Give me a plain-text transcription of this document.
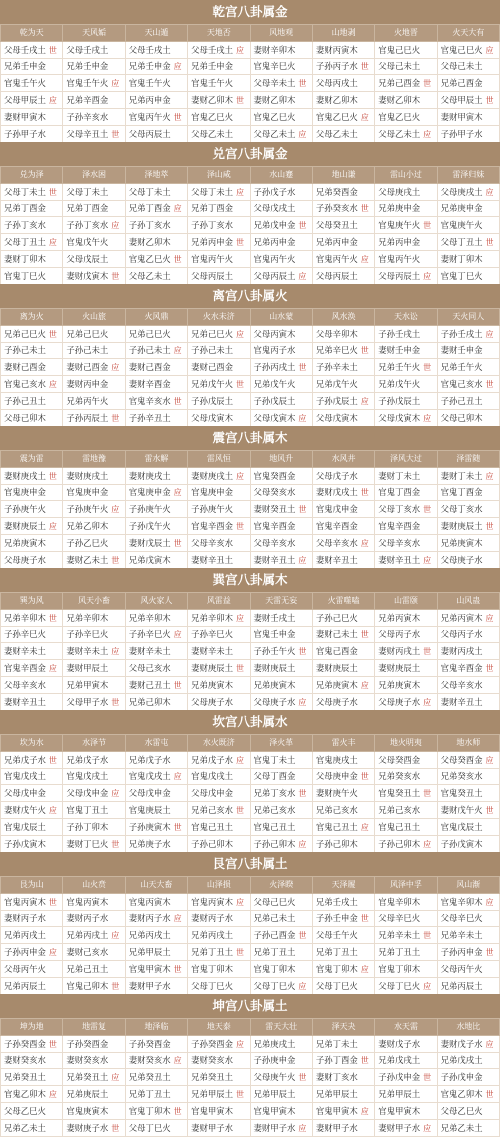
乾宫八卦属金
乾为天	天风姤	天山遁	天地否	风地观	山地剥	火地晋	火天大有
父母壬戌土 世	父母壬戌土	父母壬戌土	父母壬戌土 应	妻财辛卯木	妻财丙寅木	官鬼己巳火	官鬼己巳火 应
兄弟壬申金	兄弟壬申金	兄弟壬申金 应	兄弟壬申金	官鬼辛巳火	子孙丙子水 世	父母己未土	父母己未土
官鬼壬午火	官鬼壬午火 应	官鬼壬午火	官鬼壬午火	父母辛未土 世	父母丙戌土	兄弟己酉金 世	兄弟己酉金
父母甲辰土 应	兄弟辛酉金	兄弟丙申金	妻财乙卯木 世	妻财乙卯木	妻财乙卯木	妻财乙卯木	父母甲辰土 世
妻财甲寅木	子孙辛亥水	官鬼丙午火 世	官鬼乙巳火	官鬼乙巳火	官鬼乙巳火 应	官鬼乙巳火	妻财甲寅木
子孙甲子水	父母辛丑土 世	父母丙辰土	父母乙未土	父母乙未土 应	父母乙未土	父母乙未土 应	子孙甲子水
兑宫八卦属金
兑为泽	泽水困	泽地萃	泽山咸	水山蹇	地山谦	雷山小过	雷泽归妹
父母丁未土 世	父母丁未土	父母丁未土	父母丁未土 应	子孙戊子水	兄弟癸酉金	父母庚戌土	父母庚戌土 应
兄弟丁酉金	兄弟丁酉金	兄弟丁酉金 应	兄弟丁酉金	父母戊戌土	子孙癸亥水 世	兄弟庚申金	兄弟庚申金
子孙丁亥水	子孙丁亥水 应	子孙丁亥水	子孙丁亥水	兄弟戊申金 世	父母癸丑土	官鬼庚午火 世	官鬼庚午火
父母丁丑土 应	官鬼戊午火	妻财乙卯木	兄弟丙申金 世	兄弟丙申金	兄弟丙申金	兄弟丙申金	父母丁丑土 世
妻财丁卯木	父母戊辰土	官鬼乙巳火 世	官鬼丙午火	官鬼丙午火	官鬼丙午火 应	官鬼丙午火	妻财丁卯木
官鬼丁巳火	妻财戊寅木 世	父母乙未土	父母丙辰土	父母丙辰土 应	父母丙辰土	父母丙辰土 应	官鬼丁巳火
离宫八卦属火
离为火	火山旅	火风鼎	火水未济	山水蒙	风水涣	天水讼	天火同人
兄弟己巳火 世	兄弟己巳火	兄弟己巳火	兄弟己巳火 应	父母丙寅木	父母辛卯木	子孙壬戌土	子孙壬戌土 应
子孙己未土	子孙己未土	子孙己未土 应	子孙己未土	官鬼丙子水	兄弟辛巳火 世	妻财壬申金	妻财壬申金
妻财己酉金	妻财己酉金 应	妻财己酉金	妻财己酉金	子孙丙戌土 世	子孙辛未土	兄弟壬午火 世	兄弟壬午火
官鬼己亥水 应	妻财丙申金	妻财辛酉金	兄弟戊午火 世	兄弟戊午火	兄弟戊午火	兄弟戊午火	官鬼己亥水 世
子孙己丑土	兄弟丙午火	官鬼辛亥水 世	子孙戊辰土	子孙戊辰土	子孙戊辰土 应	子孙戊辰土	子孙己丑土
父母己卯木	子孙丙辰土 世	子孙辛丑土	父母戊寅木	父母戊寅木 应	父母戊寅木	父母戊寅木 应	父母己卯木
震宫八卦属木
震为雷	雷地豫	雷水解	雷风恒	地风升	水风井	泽风大过	泽雷随
妻财庚戌土 世	妻财庚戌土	妻财庚戌土	妻财庚戌土 应	官鬼癸酉金	父母戊子水	妻财丁未土	妻财丁未土 应
官鬼庚申金	官鬼庚申金	官鬼庚申金 应	官鬼庚申金	父母癸亥水	妻财戊戌土 世	官鬼丁酉金	官鬼丁酉金
子孙庚午火	子孙庚午火 应	子孙庚午火	子孙庚午火	妻财癸丑土 世	官鬼戊申金	父母丁亥水 世	父母丁亥水
妻财庚辰土 应	兄弟乙卯木	子孙戊午火	官鬼辛酉金 世	官鬼辛酉金	官鬼辛酉金	官鬼辛酉金	妻财庚辰土 世
兄弟庚寅木	子孙乙巳火	妻财戊辰土 世	父母辛亥水	父母辛亥水	父母辛亥水 应	父母辛亥水	兄弟庚寅木
父母庚子水	妻财乙未土 世	兄弟戊寅木	妻财辛丑土	妻财辛丑土 应	妻财辛丑土	妻财辛丑土 应	父母庚子水
巽宫八卦属木
巽为风	风天小畜	风火家人	风雷益	天雷无妄	火雷噬嗑	山雷颐	山风蛊
兄弟辛卯木 世	兄弟辛卯木	兄弟辛卯木	兄弟辛卯木 应	妻财壬戌土	子孙己巳火	兄弟丙寅木	兄弟丙寅木 应
子孙辛巳火	子孙辛巳火	子孙辛巳火 应	子孙辛巳火	官鬼壬申金	妻财己未土 世	父母丙子水	父母丙子水
妻财辛未土	妻财辛未土 应	妻财辛未土	妻财辛未土	子孙壬午火 世	官鬼己酉金	妻财丙戌土 世	妻财丙戌土
官鬼辛酉金 应	妻财甲辰土	父母己亥水	妻财庚辰土 世	妻财庚辰土	妻财庚辰土	妻财庚辰土	官鬼辛酉金 世
父母辛亥水	兄弟甲寅木	妻财己丑土 世	兄弟庚寅木	兄弟庚寅木	兄弟庚寅木 应	兄弟庚寅木	父母辛亥水
妻财辛丑土	父母甲子水 世	兄弟己卯木	父母庚子水	父母庚子水 应	父母庚子水	父母庚子水 应	妻财辛丑土
坎宫八卦属水
坎为水	水泽节	水雷屯	水火既济	泽火革	雷火丰	地火明夷	地水师
兄弟戊子水 世	兄弟戊子水	兄弟戊子水	兄弟戊子水 应	官鬼丁未土	官鬼庚戌土	父母癸酉金	父母癸酉金 应
官鬼戊戌土	官鬼戊戌土	官鬼戊戌土 应	官鬼戊戌土	父母丁酉金	父母庚申金 世	兄弟癸亥水	兄弟癸亥水
父母戊申金	父母戊申金 应	父母戊申金	父母戊申金	兄弟丁亥水 世	妻财庚午火	官鬼癸丑土 世	官鬼癸丑土
妻财戊午火 应	官鬼丁丑土	官鬼庚辰土	兄弟己亥水 世	兄弟己亥水	兄弟己亥水	兄弟己亥水	妻财戊午火 世
官鬼戊辰土	子孙丁卯木	子孙庚寅木 世	官鬼己丑土	官鬼己丑土	官鬼己丑土 应	官鬼己丑土	官鬼戊辰土
子孙戊寅木	妻财丁巳火 世	兄弟庚子水	子孙己卯木	子孙己卯木 应	子孙己卯木	子孙己卯木 应	子孙戊寅木
艮宫八卦属土
艮为山	山火贲	山天大畜	山泽损	火泽睽	天泽履	风泽中孚	风山渐
官鬼丙寅木 世	官鬼丙寅木	官鬼丙寅木	官鬼丙寅木 应	父母己巳火	兄弟壬戌土	官鬼辛卯木	官鬼辛卯木 应
妻财丙子水	妻财丙子水	妻财丙子水 应	妻财丙子水	兄弟己未土	子孙壬申金 世	父母辛巳火	父母辛巳火
兄弟丙戌土	兄弟丙戌土 应	兄弟丙戌土	兄弟丙戌土	子孙己酉金 世	父母壬午火	兄弟辛未土 世	兄弟辛未土
子孙丙申金 应	妻财己亥水	兄弟甲辰土	兄弟丁丑土 世	兄弟丁丑土	兄弟丁丑土	兄弟丁丑土	子孙丙申金 世
父母丙午火	兄弟己丑土	官鬼甲寅木 世	官鬼丁卯木	官鬼丁卯木	官鬼丁卯木 应	官鬼丁卯木	父母丙午火
兄弟丙辰土	官鬼己卯木 世	妻财甲子水	父母丁巳火	父母丁巳火 应	父母丁巳火	父母丁巳火 应	兄弟丙辰土
坤宫八卦属土
坤为地	地雷复	地泽临	地天泰	雷天大壮	泽天夬	水天需	水地比
子孙癸酉金 世	子孙癸酉金	子孙癸酉金	子孙癸酉金 应	兄弟庚戌土	兄弟丁未土	妻财戊子水	妻财戊子水 应
妻财癸亥水	妻财癸亥水	妻财癸亥水 应	妻财癸亥水	子孙庚申金	子孙丁酉金 世	兄弟戊戌土	兄弟戊戌土
兄弟癸丑土	兄弟癸丑土 应	兄弟癸丑土	兄弟癸丑土	父母庚午火 世	妻财丁亥水	子孙戊申金 世	子孙戊申金
官鬼乙卯木 应	兄弟庚辰土	兄弟丁丑土	兄弟甲辰土 世	兄弟甲辰土	兄弟甲辰土	兄弟甲辰土	官鬼乙卯木 世
父母乙巳火	官鬼庚寅木	官鬼丁卯木 世	官鬼甲寅木	官鬼甲寅木	官鬼甲寅木 应	官鬼甲寅木	父母乙巳火
兄弟乙未土	妻财庚子水 世	父母丁巳火	妻财甲子水	妻财甲子水 应	妻财甲子水	妻财甲子水 应	兄弟乙未土
